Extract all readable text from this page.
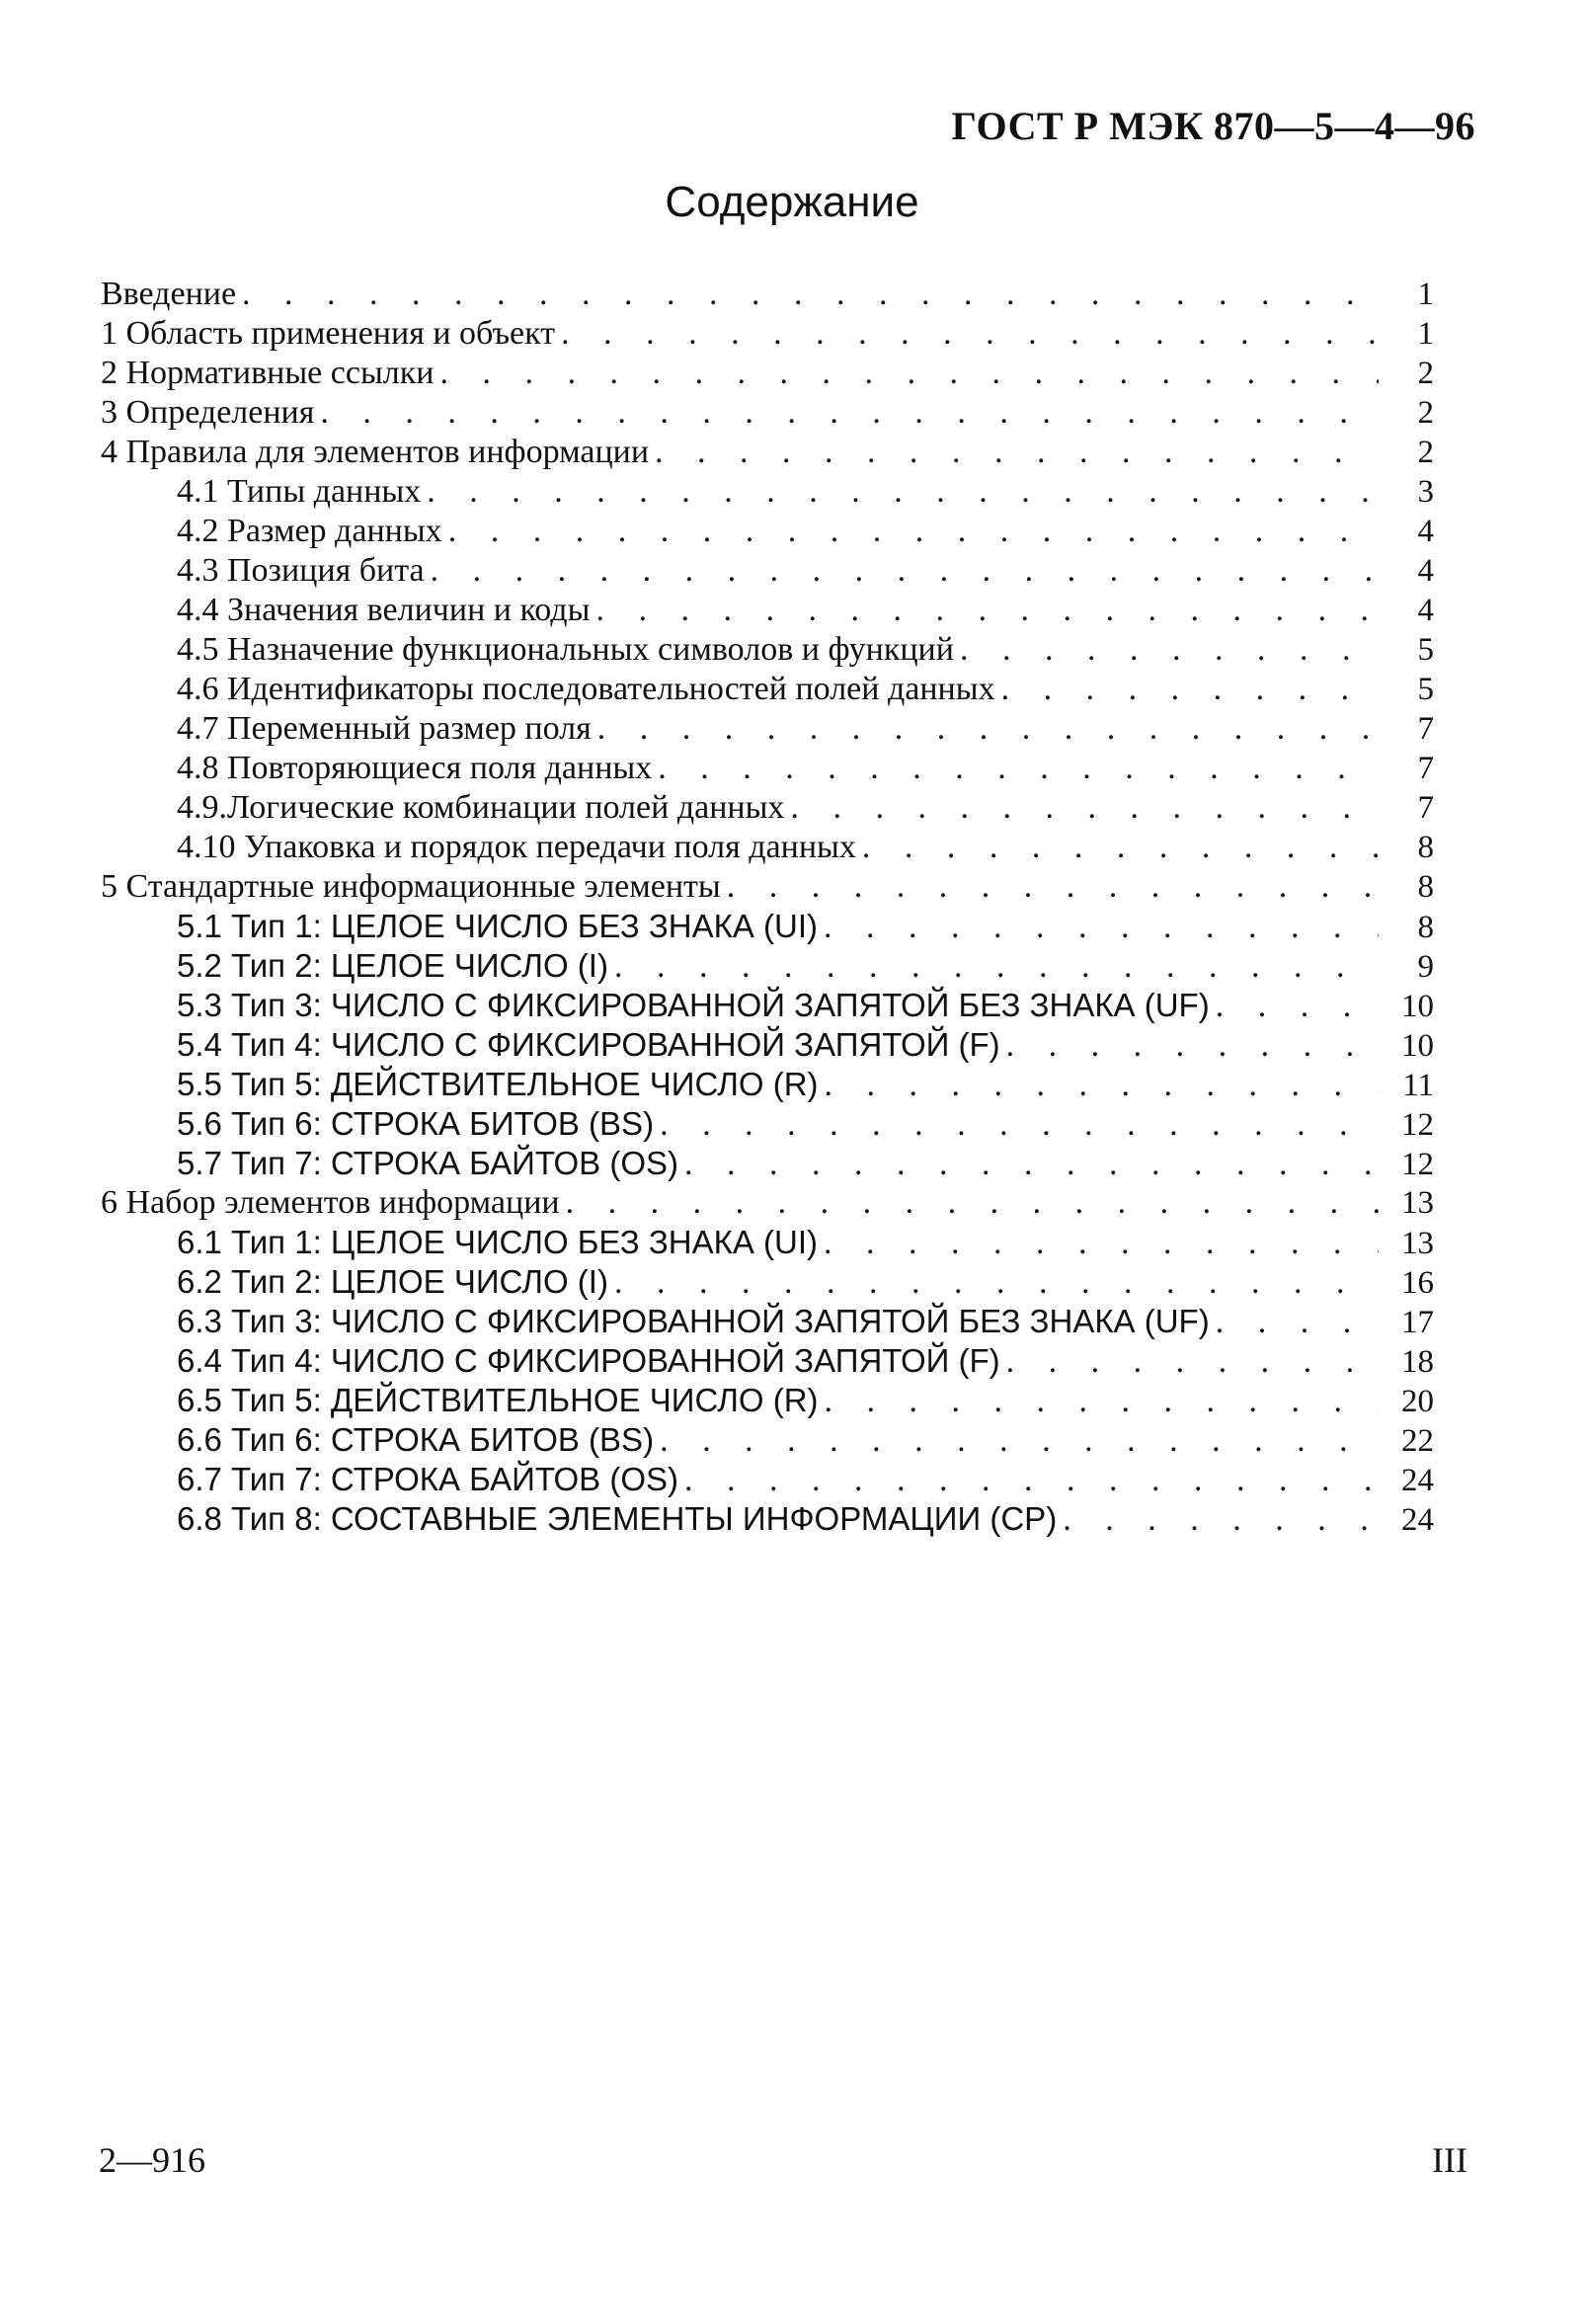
ГОСТ Р МЭК 870—5—4—96
Содержание
Введение . . .	1
1 Область применения и объект . . .	1
2 Нормативные ссылки . . .	2
3 Определения . . .	2
4 Правила для элементов информации . . .	2
4.1 Типы данных . . .	3
4.2 Размер данных . . .	4
4.3 Позиция бита . . .	4
4.4 Значения величин и коды . . .	4
4.5 Назначение функциональных символов и функций . . .	5
4.6 Идентификаторы последовательностей полей данных . . .	5
4.7 Переменный размер поля . . .	7
4.8 Повторяющиеся поля данных . . .	7
4.9.Логические комбинации полей данных . . .	7
4.10 Упаковка и порядок передачи поля данных . . .	8
5 Стандартные информационные элементы . . .	8
5.1 Тип 1: ЦЕЛОЕ ЧИСЛО БЕЗ ЗНАКА (UI) . . .	8
5.2 Тип 2: ЦЕЛОЕ ЧИСЛО (I) . . .	9
5.3 Тип 3: ЧИСЛО С ФИКСИРОВАННОЙ ЗАПЯТОЙ БЕЗ ЗНАКА (UF) . . .	10
5.4 Тип 4: ЧИСЛО С ФИКСИРОВАННОЙ ЗАПЯТОЙ (F) . . .	10
5.5 Тип 5: ДЕЙСТВИТЕЛЬНОЕ ЧИСЛО (R) . . .	11
5.6 Тип 6: СТРОКА БИТОВ (BS) . . .	12
5.7 Тип 7: СТРОКА БАЙТОВ (OS) . . .	12
6 Набор элементов информации . . .	13
6.1 Тип 1: ЦЕЛОЕ ЧИСЛО БЕЗ ЗНАКА (UI) . . .	13
6.2 Тип 2: ЦЕЛОЕ ЧИСЛО (I) . . .	16
6.3 Тип 3: ЧИСЛО С ФИКСИРОВАННОЙ ЗАПЯТОЙ БЕЗ ЗНАКА (UF) . . .	17
6.4 Тип 4: ЧИСЛО С ФИКСИРОВАННОЙ ЗАПЯТОЙ (F) . . .	18
6.5 Тип 5: ДЕЙСТВИТЕЛЬНОЕ ЧИСЛО (R) . . .	20
6.6 Тип 6: СТРОКА БИТОВ (BS) . . .	22
6.7 Тип 7: СТРОКА БАЙТОВ (OS) . . .	24
6.8 Тип 8: СОСТАВНЫЕ ЭЛЕМЕНТЫ ИНФОРМАЦИИ (CP) . . .	24
2—916	III
